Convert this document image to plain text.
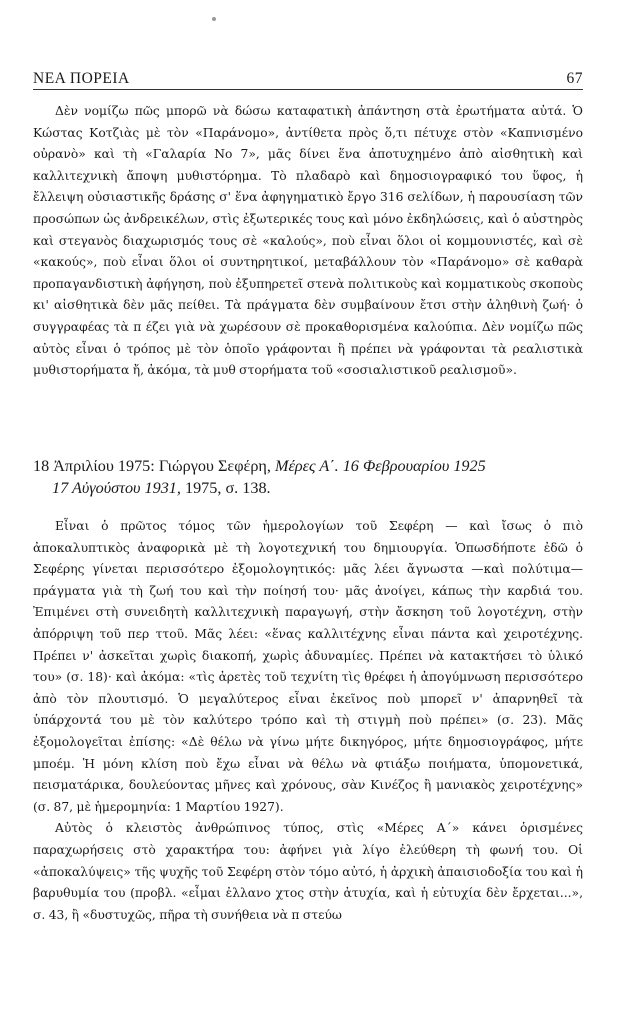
ΝΕΑ ΠΟΡΕΙΑ	67

Δὲν νομίζω πῶς μπορῶ νὰ δώσω καταφατικὴ ἀπάντηση στὰ ἐρωτήματα αὐτά. Ὁ Κώστας Κοτζιὰς μὲ τὸν «Παράνομο», ἀντίθετα πρὸς ὅ,τι πέτυχε στὸν «Καπνισμένο οὐρανὸ» καὶ τὴ «Γαλαρία Νο 7», μᾶς δίνει ἕνα ἀποτυχημένο ἀπὸ αἰσθητικὴ καὶ καλλιτεχνικὴ ἄποψη μυθιστόρημα. Τὸ πλαδαρὸ καὶ δημοσιογραφικό του ὕφος, ἡ ἔλλειψη οὐσιαστικῆς δράσης σ' ἕνα ἀφηγηματικὸ ἔργο 316 σελίδων, ἡ παρουσίαση τῶν προσώπων ὡς ἀνδρεικέλων, στὶς ἐξωτερικές τους καὶ μόνο ἐκδηλώσεις, καὶ ὁ αὐστηρὸς καὶ στεγανὸς διαχωρισμός τους σὲ «καλούς», ποὺ εἶναι ὅλοι οἱ κομμουνιστές, καὶ σὲ «κακούς», ποὺ εἶναι ὅλοι οἱ συντηρητικοί, μεταβάλλουν τὸν «Παράνομο» σὲ καθαρὰ προπαγανδιστικὴ ἀφήγηση, ποὺ ἐξυπηρετεῖ στενὰ πολιτικοὺς καὶ κομματικοὺς σκοποὺς κι' αἰσθητικὰ δὲν μᾶς πείθει. Τὰ πράγματα δὲν συμβαίνουν ἔτσι στὴν ἀληθινὴ ζωή· ὁ συγγραφέας τὰ π έζει γιὰ νὰ χωρέσουν σὲ προκαθορισμένα καλούπια. Δὲν νομίζω πῶς αὐτὸς εἶναι ὁ τρόπος μὲ τὸν ὁποῖο γράφονται ἢ πρέπει νὰ γράφονται τὰ ρεαλιστικὰ μυθιστορήματα ἤ, ἀκόμα, τὰ μυθ στορήματα τοῦ «σοσιαλιστικοῦ ρεαλισμοῦ».

18 Ἀπριλίου 1975: Γιώργου Σεφέρη, Μέρες Α΄. 16 Φεβρουαρίου 1925
17 Αὐγούστου 1931, 1975, σ. 138.

Εἶναι ὁ πρῶτος τόμος τῶν ἡμερολογίων τοῦ Σεφέρη — καὶ ἴσως ὁ πιὸ ἀποκαλυπτικὸς ἀναφορικὰ μὲ τὴ λογοτεχνική του δημιουργία. Ὁπωσδήποτε ἐδῶ ὁ Σεφέρης γίνεται περισσότερο ἐξομολογητικός: μᾶς λέει ἄγνωστα —καὶ πολύτιμα— πράγματα γιὰ τὴ ζωή του καὶ τὴν ποίησή του· μᾶς ἀνοίγει, κάπως τὴν καρδιά του. Ἐπιμένει στὴ συνειδητὴ καλλιτεχνικὴ παραγωγή, στὴν ἄσκηση τοῦ λογοτέχνη, στὴν ἀπόρριψη τοῦ περ ττοῦ. Μᾶς λέει: «ἕνας καλλιτέχνης εἶναι πάντα καὶ χειροτέχνης. Πρέπει ν' ἀσκεῖται χωρὶς διακοπή, χωρὶς ἀδυναμίες. Πρέπει νὰ κατακτήσει τὸ ὑλικό του» (σ. 18)· καὶ ἀκόμα: «τὶς ἀρετὲς τοῦ τεχνίτη τὶς θρέφει ἡ ἀπογύμνωση περισσότερο ἀπὸ τὸν πλουτισμό. Ὁ μεγαλύτερος εἶναι ἐκεῖνος ποὺ μπορεῖ ν' ἀπαρνηθεῖ τὰ ὑπάρχοντά του μὲ τὸν καλύτερο τρόπο καὶ τὴ στιγμὴ ποὺ πρέπει» (σ. 23). Μᾶς ἐξομολογεῖται ἐπίσης: «Δὲ θέλω νὰ γίνω μήτε δικηγόρος, μήτε δημοσιογράφος, μήτε μποέμ. Ἡ μόνη κλίση ποὺ ἔχω εἶναι νὰ θέλω νὰ φτιάξω ποιήματα, ὑπομονετικά, πεισματάρικα, δουλεύοντας μῆνες καὶ χρόνους, σὰν Κινέζος ἢ μανιακὸς χειροτέχνης» (σ. 87, μὲ ἡμερομηνία: 1 Μαρτίου 1927).

Αὐτὸς ὁ κλειστὸς ἀνθρώπινος τύπος, στὶς «Μέρες Α΄» κάνει ὁρισμένες παραχωρήσεις στὸ χαρακτήρα του: ἀφήνει γιὰ λίγο ἐλεύθερη τὴ φωνή του. Οἱ «ἀποκαλύψεις» τῆς ψυχῆς τοῦ Σεφέρη στὸν τόμο αὐτό, ἡ ἀρχικὴ ἀπαισιοδοξία του καὶ ἡ βαρυθυμία του (προβλ. «εἶμαι ἐλλανο χτος στὴν ἀτυχία, καὶ ἡ εὐτυχία δὲν ἔρχεται...», σ. 43, ἢ «δυστυχῶς, πῆρα τὴ συνήθεια νὰ π στεύω
